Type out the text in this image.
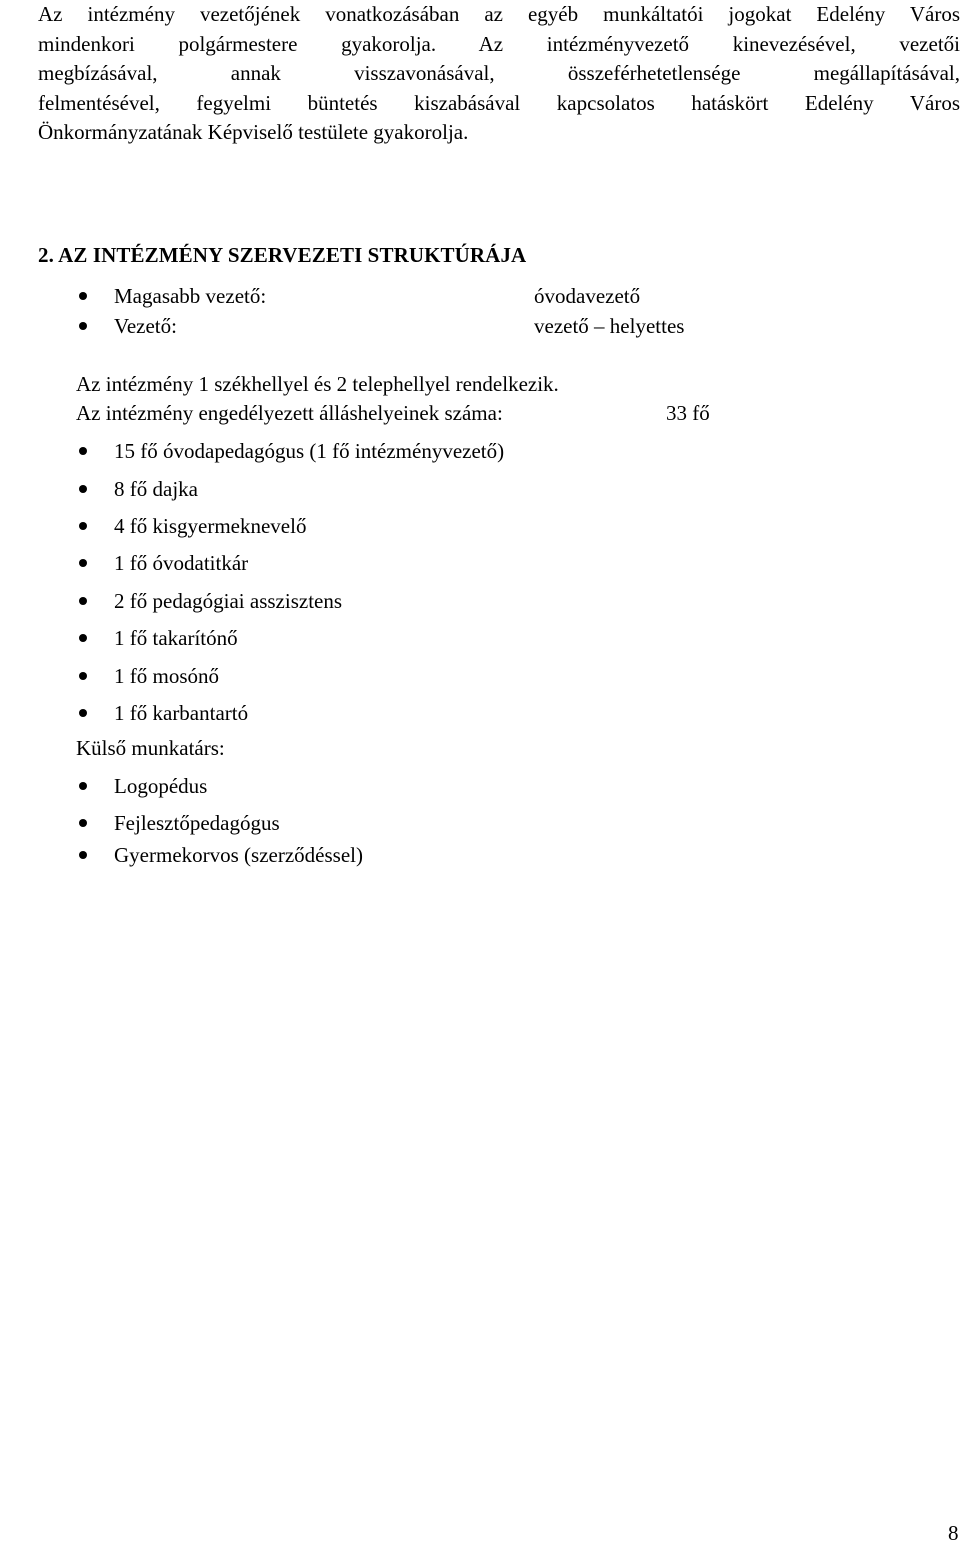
Az intézmény vezetőjének vonatkozásában az egyéb munkáltatói jogokat Edelény Város
mindenkori polgármestere gyakorolja. Az intézményvezető kinevezésével, vezetői
megbízásával, annak visszavonásával, összeférhetetlensége megállapításával,
felmentésével, fegyelmi büntetés kiszabásával kapcsolatos hatáskört Edelény Város
Önkormányzatának Képviselő testülete gyakorolja.
2. AZ INTÉZMÉNY SZERVEZETI STRUKTÚRÁJA
Magasabb vezető:	óvodavezető
Vezető:	vezető – helyettes
Az intézmény 1 székhellyel és 2 telephellyel rendelkezik.
Az intézmény engedélyezett álláshelyeinek száma:	33 fő
15 fő óvodapedagógus (1 fő intézményvezető)
8 fő dajka
4 fő kisgyermeknevelő
1 fő óvodatitkár
2 fő pedagógiai asszisztens
1 fő takarítónő
1 fő mosónő
1 fő karbantartó
Külső munkatárs:
Logopédus
Fejlesztőpedagógus
Gyermekorvos (szerződéssel)
8
